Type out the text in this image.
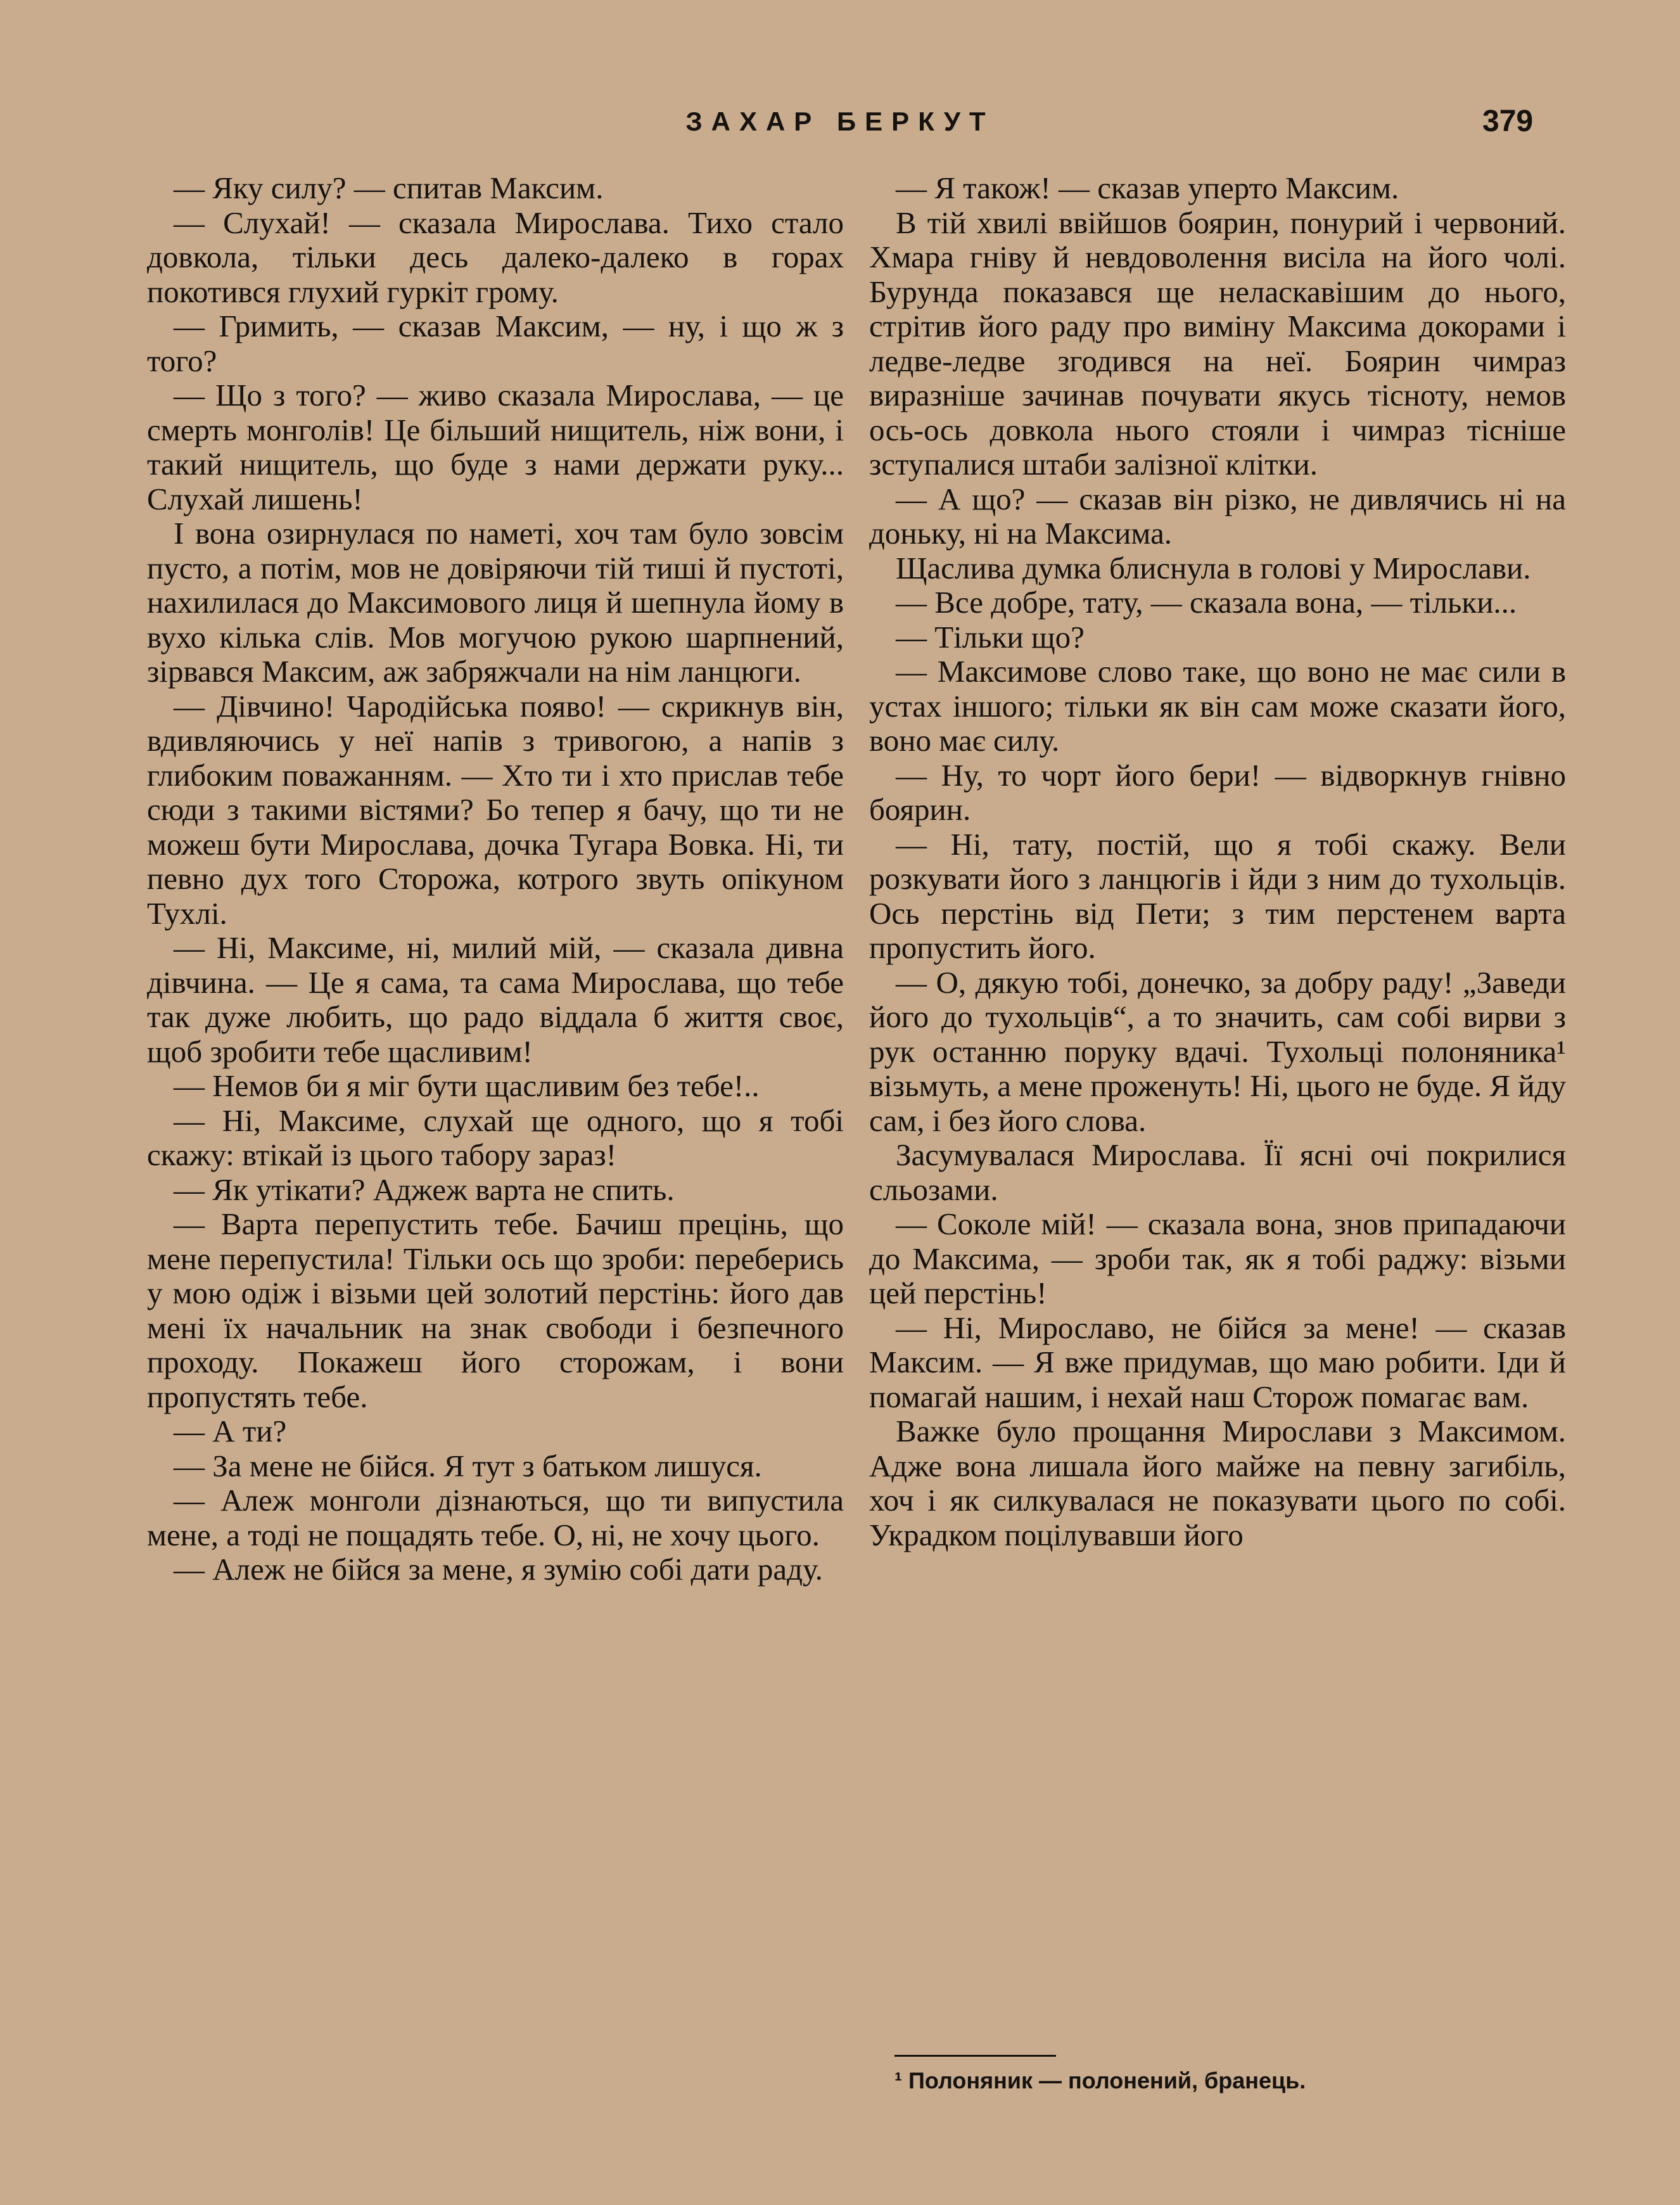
ЗАХАР БЕРКУТ	379

— Яку силу? — спитав Максим.

— Слухай! — сказала Мирослава. Тихо стало довкола, тільки десь далеко-далеко в горах покотився глухий гуркіт грому.

— Гримить, — сказав Максим, — ну, і що ж з того?

— Що з того? — живо сказала Мирослава, — це смерть монголів! Це більший нищитель, ніж вони, і такий нищитель, що буде з нами держати руку... Слухай лишень!

І вона озирнулася по наметі, хоч там було зовсім пусто, а потім, мов не довіряючи тій тиші й пустоті, нахилилася до Максимового лиця й шепнула йому в вухо кілька слів. Мов могучою рукою шарпнений, зірвався Максим, аж забряжчали на нім ланцюги.

— Дівчино! Чародійська появо! — скрикнув він, вдивляючись у неї напів з тривогою, а напів з глибоким поважанням. — Хто ти і хто прислав тебе сюди з такими вістями? Бо тепер я бачу, що ти не можеш бути Мирослава, дочка Тугара Вовка. Ні, ти певно дух того Сторожа, котрого звуть опікуном Тухлі.

— Ні, Максиме, ні, милий мій, — сказала дивна дівчина. — Це я сама, та сама Мирослава, що тебе так дуже любить, що радо віддала б життя своє, щоб зробити тебе щасливим!

— Немов би я міг бути щасливим без тебе!..

— Ні, Максиме, слухай ще одного, що я тобі скажу: втікай із цього табору зараз!

— Як утікати? Аджеж варта не спить.

— Варта перепустить тебе. Бачиш прецінь, що мене перепустила! Тільки ось що зроби: переберись у мою одіж і візьми цей золотий перстінь: його дав мені їх начальник на знак свободи і безпечного проходу. Покажеш його сторожам, і вони пропустять тебе.

— А ти?

— За мене не бійся. Я тут з батьком лишуся.

— Алеж монголи дізнаються, що ти випустила мене, а тоді не пощадять тебе. О, ні, не хочу цього.

— Алеж не бійся за мене, я зумію собі дати раду.

— Я також! — сказав уперто Максим.

В тій хвилі ввійшов боярин, понурий і червоний. Хмара гніву й невдоволення висіла на його чолі. Бурунда показався ще неласкавішим до нього, стрітив його раду про виміну Максима докорами і ледве-ледве згодився на неї. Боярин чимраз виразніше зачинав почувати якусь тісноту, немов ось-ось довкола нього стояли і чимраз тісніше зступалися штаби залізної клітки.

— А що? — сказав він різко, не дивлячись ні на доньку, ні на Максима.

Щаслива думка блиснула в голові у Мирослави.

— Все добре, тату, — сказала вона, — тільки...

— Тільки що?

— Максимове слово таке, що воно не має сили в устах іншого; тільки як він сам може сказати його, воно має силу.

— Ну, то чорт його бери! — відворкнув гнівно боярин.

— Ні, тату, постій, що я тобі скажу. Вели розкувати його з ланцюгів і йди з ним до тухольців. Ось перстінь від Пети; з тим перстенем варта пропустить його.

— О, дякую тобі, донечко, за добру раду! „Заведи його до тухольців“, а то значить, сам собі вирви з рук останню поруку вдачі. Тухольці полоняника¹ візьмуть, а мене проженуть! Ні, цього не буде. Я йду сам, і без його слова.

Засумувалася Мирослава. Її ясні очі покрилися сльозами.

— Соколе мій! — сказала вона, знов припадаючи до Максима, — зроби так, як я тобі раджу: візьми цей перстінь!

— Ні, Мирославо, не бійся за мене! — сказав Максим. — Я вже придумав, що маю робити. Іди й помагай нашим, і нехай наш Сторож помагає вам.

Важке було прощання Мирослави з Максимом. Адже вона лишала його майже на певну загибіль, хоч і як силкувалася не показувати цього по собі. Украдком поцілувавши його

¹ Полоняник — полонений, бранець.
